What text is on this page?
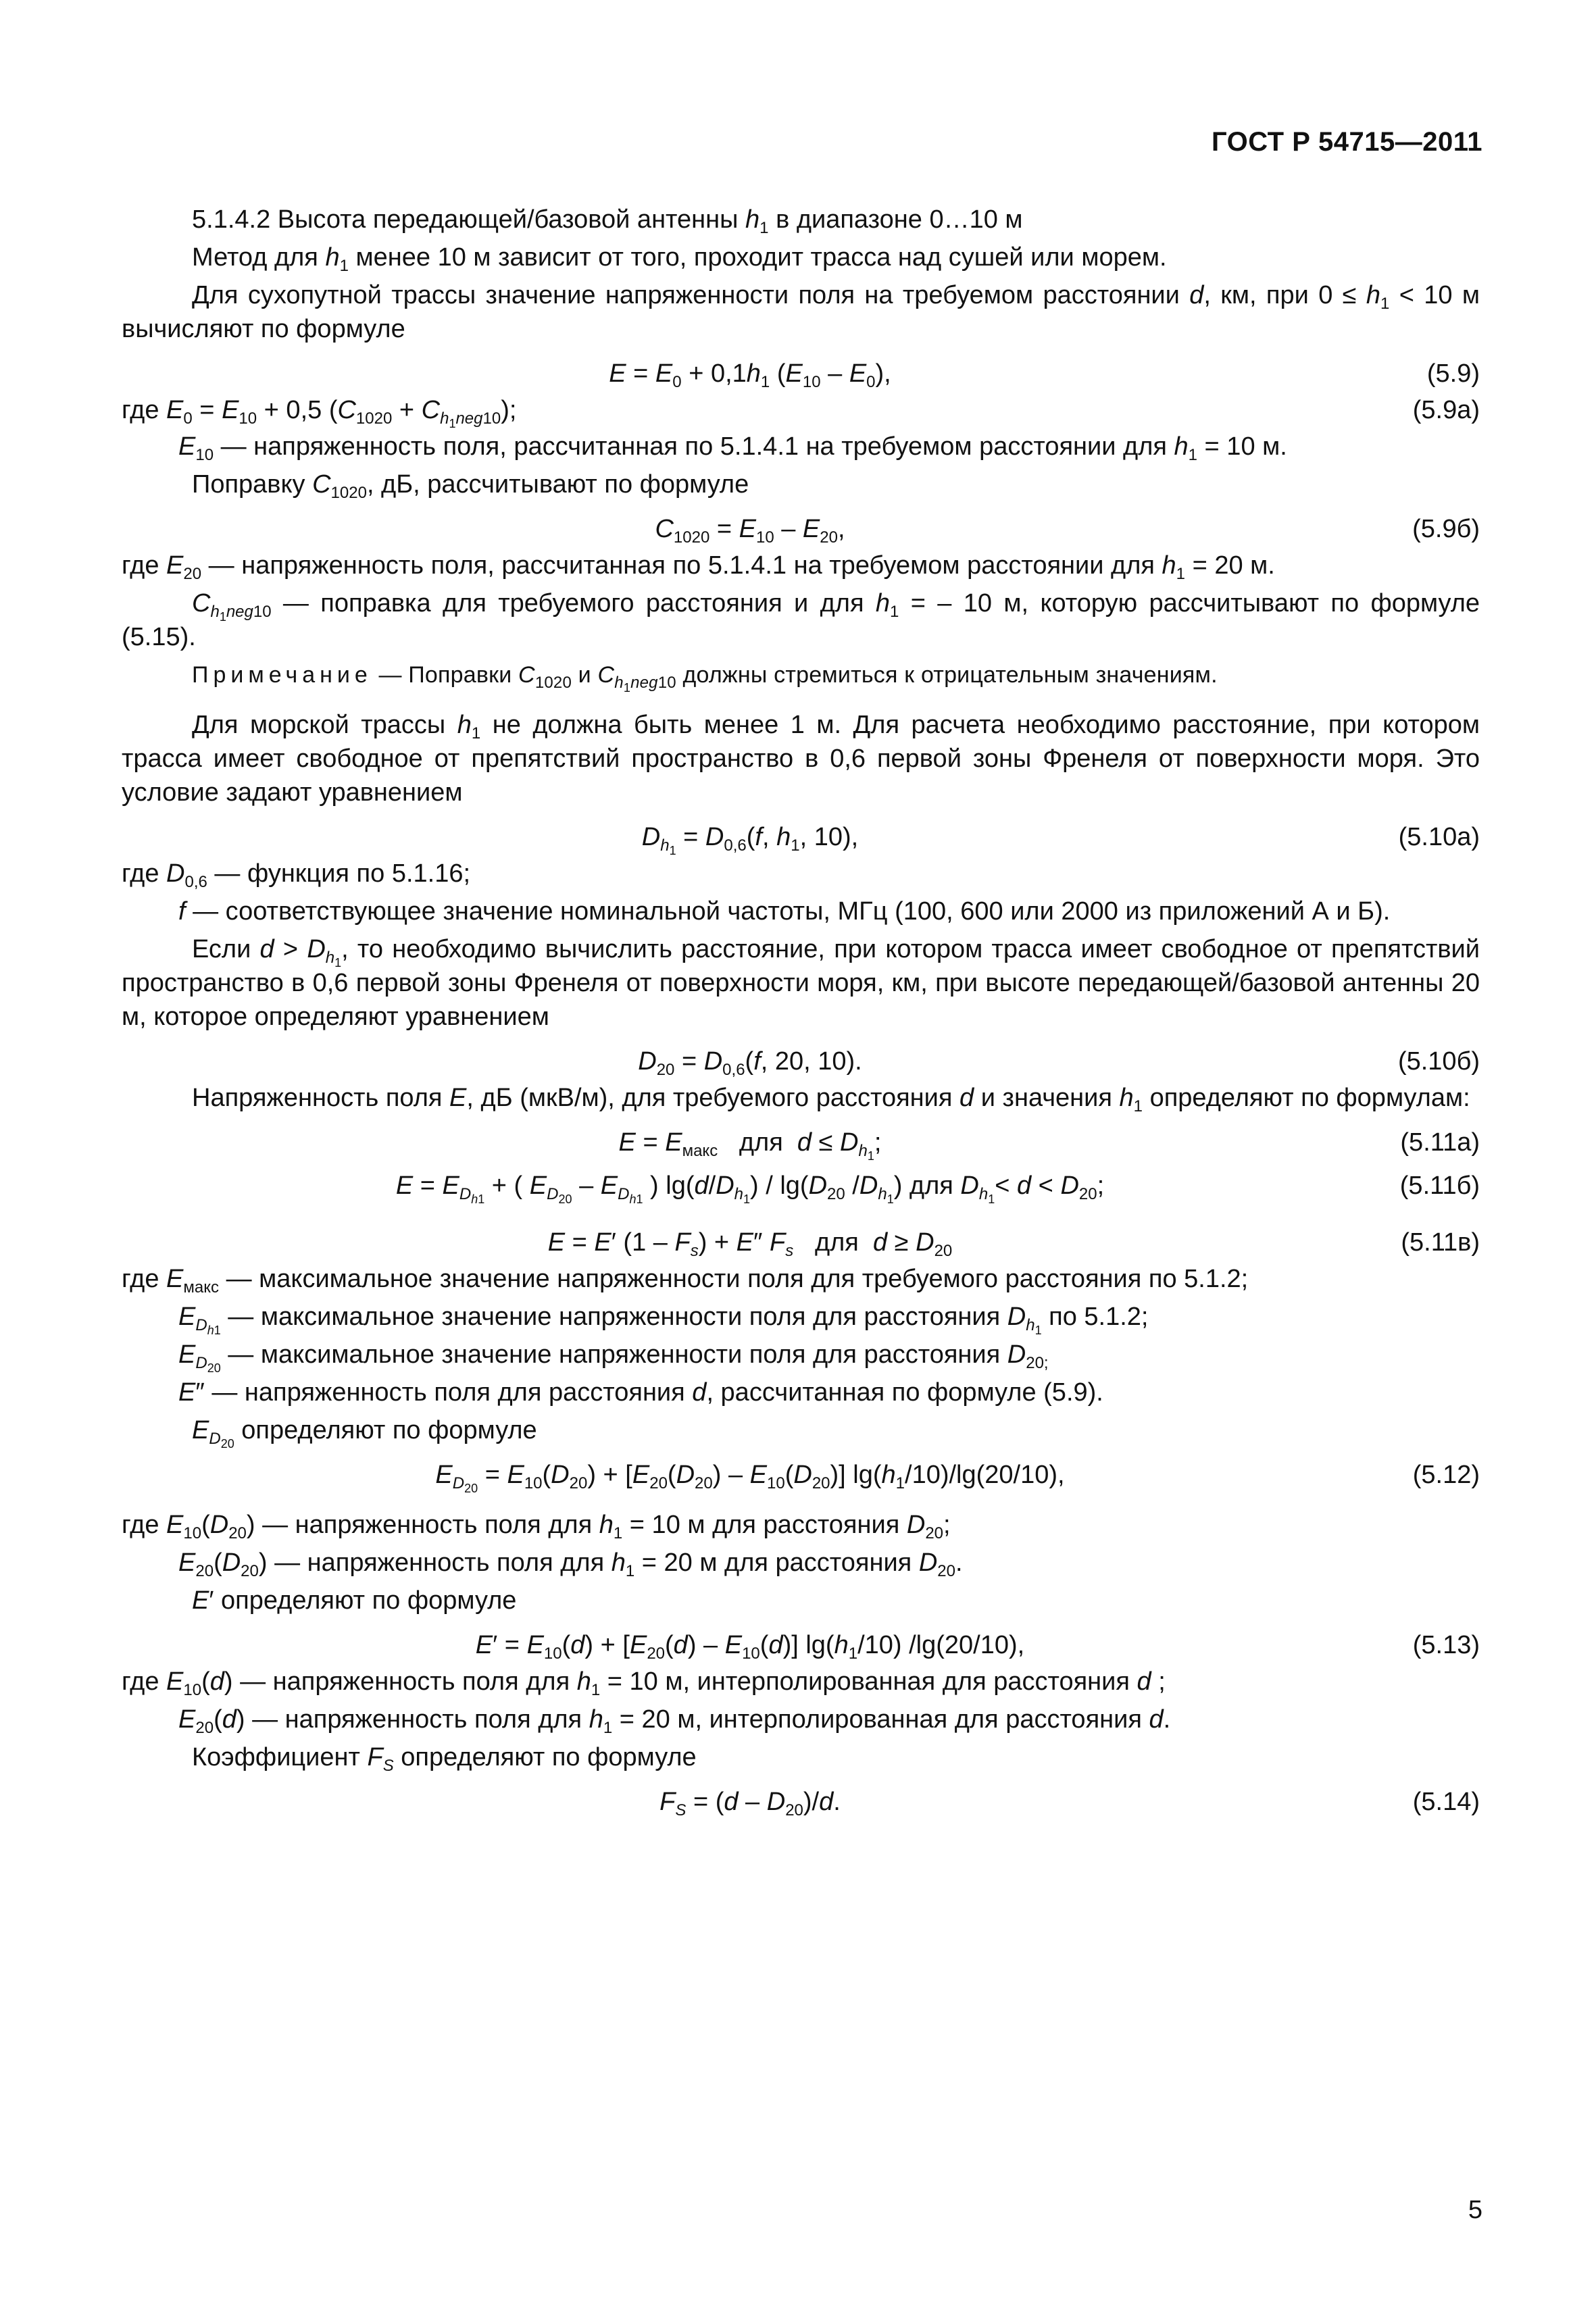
ГОСТ Р 54715—2011
5.1.4.2 Высота передающей/базовой антенны $h_1$ в диапазоне 0…10 м
Метод для $h_1$ менее 10 м зависит от того, проходит трасса над сушей или морем.
Для сухопутной трассы значение напряженности поля на требуемом расстоянии d, км, при $0 \le h_1 < 10$ м вычисляют по формуле
$E = E_0 + 0,1h_1$ $(E_{10} - E_0)$,	(5.9)
где $E_0 = E_{10} + 0,5$ $(C_{1020} + C_{h_1neg10})$;	(5.9а)
$E_{10}$ — напряженность поля, рассчитанная по 5.1.4.1 на требуемом расстоянии для $h_1 = 10$ м.
Поправку $C_{1020}$, дБ, рассчитывают по формуле
$C_{1020} = E_{10} - E_{20}$,	(5.9б)
где $E_{20}$ — напряженность поля, рассчитанная по 5.1.4.1 на требуемом расстоянии для $h_1 = 20$ м.
$C_{h_1neg10}$ — поправка для требуемого расстояния и для $h_1$ = – 10 м, которую рассчитывают по формуле (5.15).
Примечание — Поправки $C_{1020}$ и $C_{h_1neg10}$ должны стремиться к отрицательным значениям.
Для морской трассы $h_1$ не должна быть менее 1 м. Для расчета необходимо расстояние, при котором трасса имеет свободное от препятствий пространство в 0,6 первой зоны Френеля от поверхности моря. Это условие задают уравнением
$D_{h_1} = D_{0,6}(f$, $h_1$, 10),	(5.10а)
где $D_{0,6}$ — функция по 5.1.16;
f — соответствующее значение номинальной частоты, МГц (100, 600 или 2000 из приложений А и Б).
Если $d > D_{h_1}$, то необходимо вычислить расстояние, при котором трасса имеет свободное от препятствий пространство в 0,6 первой зоны Френеля от поверхности моря, км, при высоте передающей/базовой антенны 20 м, которое определяют уравнением
$D_{20} = D_{0,6}(f$, 20, 10).	(5.10б)
Напряженность поля E, дБ (мкВ/м), для требуемого расстояния d и значения $h_1$ определяют по формулам:
$E = E_{макс}$   для  $d \le D_{h_1}$;	(5.11а)
$E = E_{D_{h1}}$ + ( $E_{D_{20}} - E_{D_{h1}}$ ) $\lg(d/D_{h_1}) / \lg(D_{20}$ $/D_{h_1}$) для $D_{h_1}< d < D_{20}$;	(5.11б)
E = E′ $(1 - F_s) + E''$ $F_s$   для  $d \ge D_{20}$	(5.11в)
где $E_{макс}$ — максимальное значение напряженности поля для требуемого расстояния по 5.1.2;
$E_{D_{h1}}$ — максимальное значение напряженности поля для расстояния $D_{h_1}$ по 5.1.2;
$E_{D_{20}}$ — максимальное значение напряженности поля для расстояния $D_{20;}$
E″ — напряженность поля для расстояния d, рассчитанная по формуле (5.9).
$E_{D_{20}}$ определяют по формуле
$E_{D_{20}} = E_{10}(D_{20}) + [E_{20}(D_{20}) - E_{10}(D_{20})]$ $\lg(h_1/10)/\lg(20/10)$,	(5.12)
где $E_{10}(D_{20})$ — напряженность поля для $h_1 = 10$ м для расстояния $D_{20}$;
$E_{20}(D_{20})$ — напряженность поля для $h_1 = 20$ м для расстояния $D_{20}$.
E′ определяют по формуле
$E' = E_{10}(d) + [E_{20}(d) - E_{10}(d)]$ $\lg(h_1/10)$ /lg(20/10),	(5.13)
где $E_{10}(d)$ — напряженность поля для $h_1 = 10$ м, интерполированная для расстояния d ;
$E_{20}(d)$ — напряженность поля для $h_1 = 20$ м, интерполированная для расстояния d.
Коэффициент $F_S$ определяют по формуле
$F_S = (d - D_{20})/d$.	(5.14)
5
